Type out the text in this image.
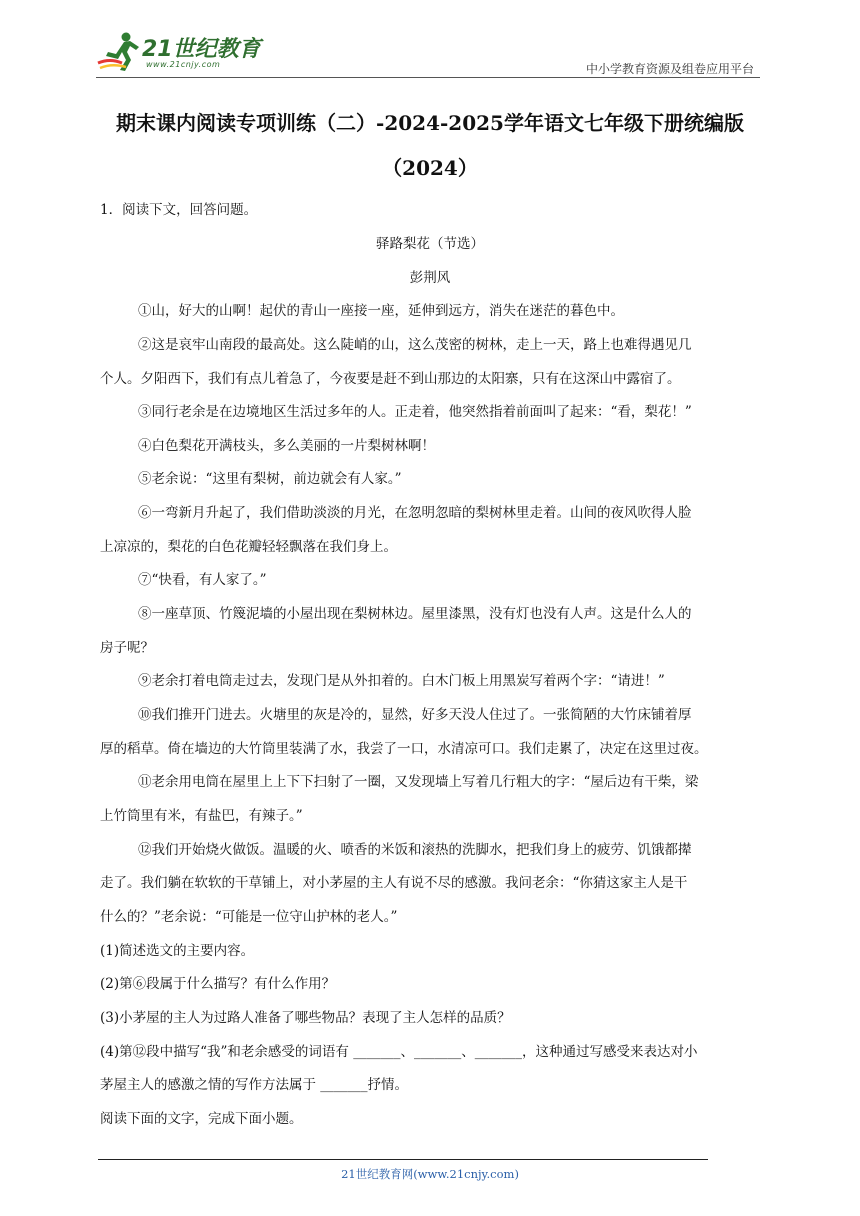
21世纪教育
www.21cnjy.com	中小学教育资源及组卷应用平台
期末课内阅读专项训练（二）-2024-2025学年语文七年级下册统编版
（2024）
1．阅读下文，回答问题。
驿路梨花（节选）
彭荆风
①山，好大的山啊！起伏的青山一座接一座，延伸到远方，消失在迷茫的暮色中。
②这是哀牢山南段的最高处。这么陡峭的山，这么茂密的树林，走上一天，路上也难得遇见几
个人。夕阳西下，我们有点儿着急了，今夜要是赶不到山那边的太阳寨，只有在这深山中露宿了。
③同行老余是在边境地区生活过多年的人。正走着，他突然指着前面叫了起来：“看，梨花！”
④白色梨花开满枝头，多么美丽的一片梨树林啊！
⑤老余说：“这里有梨树，前边就会有人家。”
⑥一弯新月升起了，我们借助淡淡的月光，在忽明忽暗的梨树林里走着。山间的夜风吹得人脸
上凉凉的，梨花的白色花瓣轻轻飘落在我们身上。
⑦“快看，有人家了。”
⑧一座草顶、竹篾泥墙的小屋出现在梨树林边。屋里漆黑，没有灯也没有人声。这是什么人的
房子呢？
⑨老余打着电筒走过去，发现门是从外扣着的。白木门板上用黑炭写着两个字：“请进！”
⑩我们推开门进去。火塘里的灰是冷的，显然，好多天没人住过了。一张简陋的大竹床铺着厚
厚的稻草。倚在墙边的大竹筒里装满了水，我尝了一口，水清凉可口。我们走累了，决定在这里过夜。
⑪老余用电筒在屋里上上下下扫射了一圈，又发现墙上写着几行粗大的字：“屋后边有干柴，梁
上竹筒里有米，有盐巴，有辣子。”
⑫我们开始烧火做饭。温暖的火、喷香的米饭和滚热的洗脚水，把我们身上的疲劳、饥饿都撵
走了。我们躺在软软的干草铺上，对小茅屋的主人有说不尽的感激。我问老余：“你猜这家主人是干
什么的？”老余说：“可能是一位守山护林的老人。”
(1)简述选文的主要内容。
(2)第⑥段属于什么描写？有什么作用？
(3)小茅屋的主人为过路人准备了哪些物品？表现了主人怎样的品质？
(4)第⑫段中描写“我”和老余感受的词语有 _______、_______、_______，这种通过写感受来表达对小
茅屋主人的感激之情的写作方法属于 _______抒情。
阅读下面的文字，完成下面小题。
21世纪教育网(www.21cnjy.com)
